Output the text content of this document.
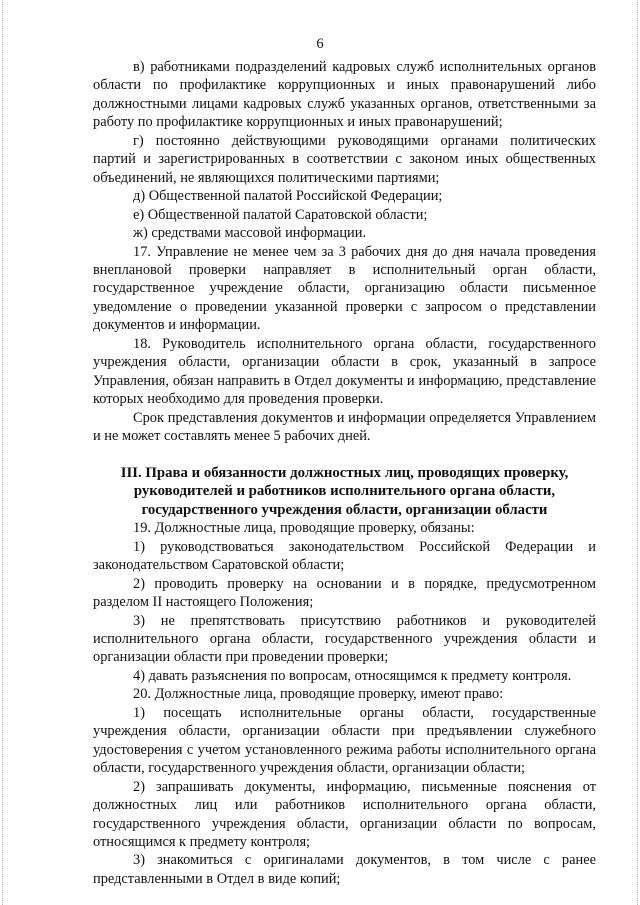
6

в) работниками подразделений кадровых служб исполнительных органов области по профилактике коррупционных и иных правонарушений либо должностными лицами кадровых служб указанных органов, ответственными за работу по профилактике коррупционных и иных правонарушений;

г) постоянно действующими руководящими органами политических партий и зарегистрированных в соответствии с законом иных общественных объединений, не являющихся политическими партиями;

д) Общественной палатой Российской Федерации;

е) Общественной палатой Саратовской области;

ж) средствами массовой информации.

17. Управление не менее чем за 3 рабочих дня до дня начала проведения внеплановой проверки направляет в исполнительный орган области, государственное учреждение области, организацию области письменное уведомление о проведении указанной проверки с запросом о представлении документов и информации.

18. Руководитель исполнительного органа области, государственного учреждения области, организации области в срок, указанный в запросе Управления, обязан направить в Отдел документы и информацию, представление которых необходимо для проведения проверки.

Срок представления документов и информации определяется Управлением и не может составлять менее 5 рабочих дней.

III. Права и обязанности должностных лиц, проводящих проверку,
руководителей и работников исполнительного органа области,
государственного учреждения области, организации области

19. Должностные лица, проводящие проверку, обязаны:

1) руководствоваться законодательством Российской Федерации и законодательством Саратовской области;

2) проводить проверку на основании и в порядке, предусмотренном разделом II настоящего Положения;

3) не препятствовать присутствию работников и руководителей исполнительного органа области, государственного учреждения области и организации области при проведении проверки;

4) давать разъяснения по вопросам, относящимся к предмету контроля.

20. Должностные лица, проводящие проверку, имеют право:

1) посещать исполнительные органы области, государственные учреждения области, организации области при предъявлении служебного удостоверения с учетом установленного режима работы исполнительного органа области, государственного учреждения области, организации области;

2) запрашивать документы, информацию, письменные пояснения от должностных лиц или работников исполнительного органа области, государственного учреждения области, организации области по вопросам, относящимся к предмету контроля;

3) знакомиться с оригиналами документов, в том числе с ранее представленными в Отдел в виде копий;
